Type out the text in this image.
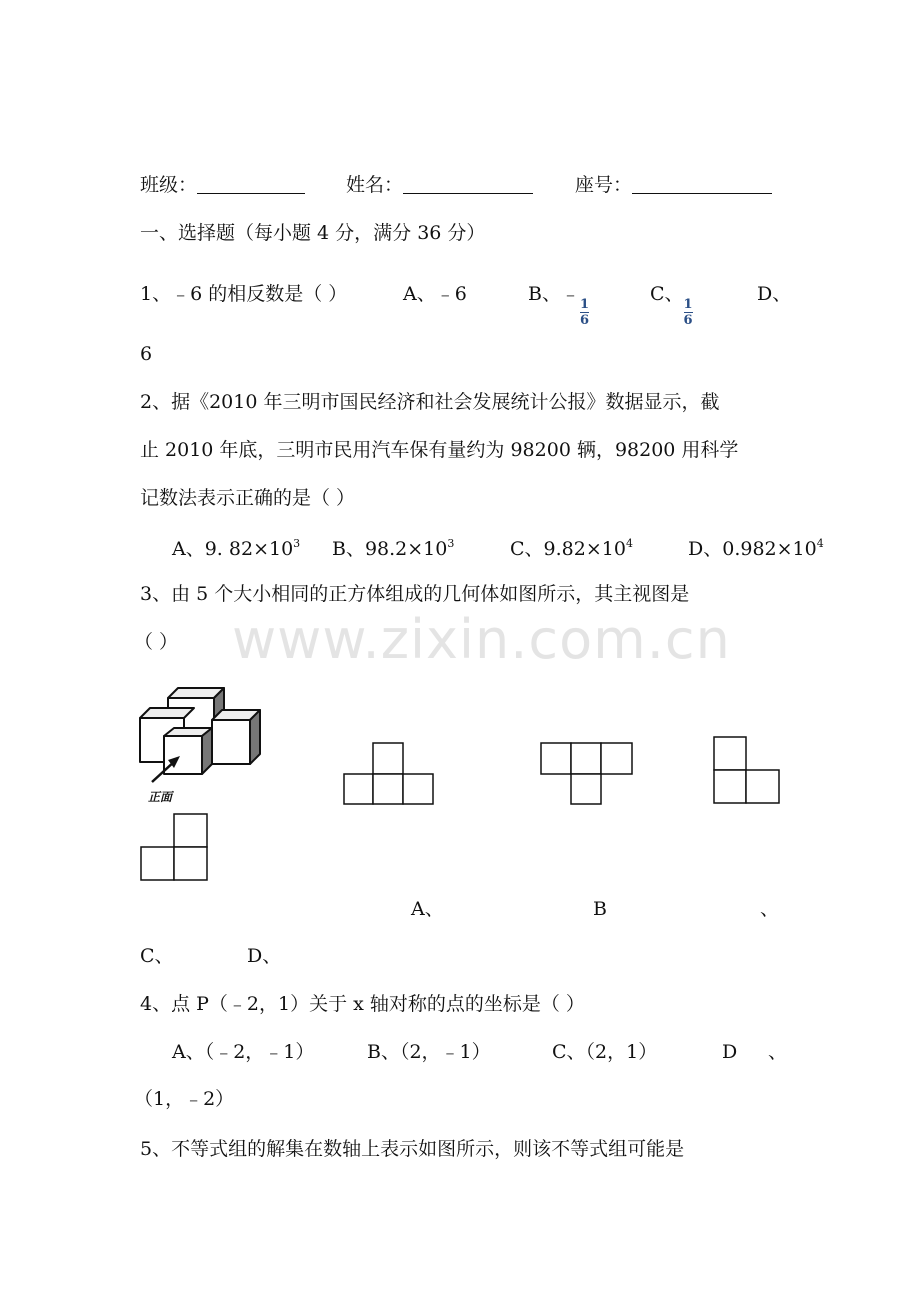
班级：	姓名：	座号：
一、选择题（每小题 4 分，满分 36 分）
1、﹣6 的相反数是（ ）	A、﹣6	B、﹣
$\frac{1}{6}$
C、
$\frac{1}{6}$
D、
6
2、据《2010 年三明市国民经济和社会发展统计公报》数据显示，截
止 2010 年底，三明市民用汽车保有量约为 98200 辆，98200 用科学
记数法表示正确的是（ ）
A、9. $82\times 10^3$ B、$98.2\times 10^3$	C、$9.82\times 10^4$	D、$0.982\times 10^4$
3、由 5 个大小相同的正方体组成的几何体如图所示，其主视图是
（ ）
正面
A、	B	、
C、	D、
www.zixin.com.cn
4、点 P（﹣2，1）关于 x 轴对称的点的坐标是（ ）
A、（﹣2，﹣1）	B、（2，﹣1）	C、（2，1）	D 、
（1，﹣2）
5、不等式组的解集在数轴上表示如图所示，则该不等式组可能是
